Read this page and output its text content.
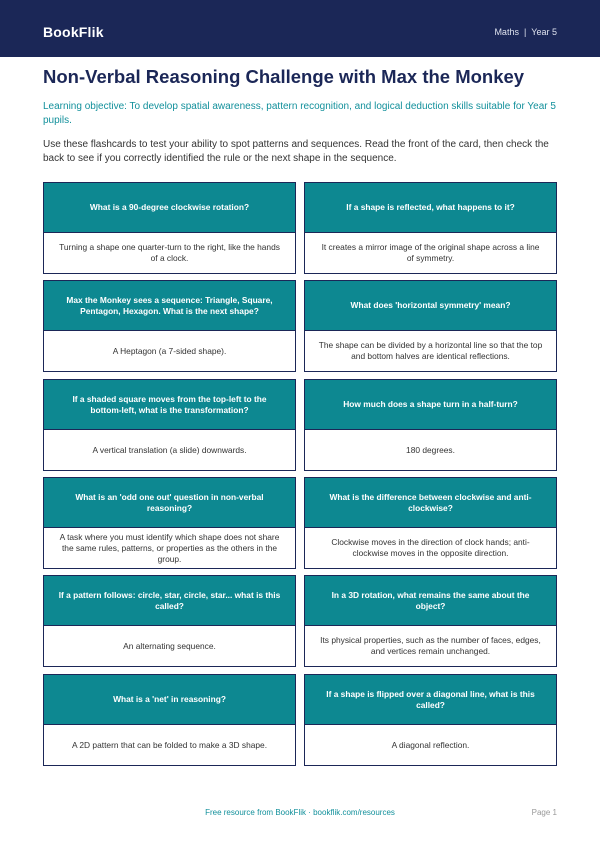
BookFlik	Maths | Year 5
Non-Verbal Reasoning Challenge with Max the Monkey
Learning objective: To develop spatial awareness, pattern recognition, and logical deduction skills suitable for Year 5 pupils.
Use these flashcards to test your ability to spot patterns and sequences. Read the front of the card, then check the back to see if you correctly identified the rule or the next shape in the sequence.
What is a 90-degree clockwise rotation?
Turning a shape one quarter-turn to the right, like the hands of a clock.
If a shape is reflected, what happens to it?
It creates a mirror image of the original shape across a line of symmetry.
Max the Monkey sees a sequence: Triangle, Square, Pentagon, Hexagon. What is the next shape?
A Heptagon (a 7-sided shape).
What does 'horizontal symmetry' mean?
The shape can be divided by a horizontal line so that the top and bottom halves are identical reflections.
If a shaded square moves from the top-left to the bottom-left, what is the transformation?
A vertical translation (a slide) downwards.
How much does a shape turn in a half-turn?
180 degrees.
What is an 'odd one out' question in non-verbal reasoning?
A task where you must identify which shape does not share the same rules, patterns, or properties as the others in the group.
What is the difference between clockwise and anti-clockwise?
Clockwise moves in the direction of clock hands; anti-clockwise moves in the opposite direction.
If a pattern follows: circle, star, circle, star... what is this called?
An alternating sequence.
In a 3D rotation, what remains the same about the object?
Its physical properties, such as the number of faces, edges, and vertices remain unchanged.
What is a 'net' in reasoning?
A 2D pattern that can be folded to make a 3D shape.
If a shape is flipped over a diagonal line, what is this called?
A diagonal reflection.
Free resource from BookFlik · bookflik.com/resources	Page 1
